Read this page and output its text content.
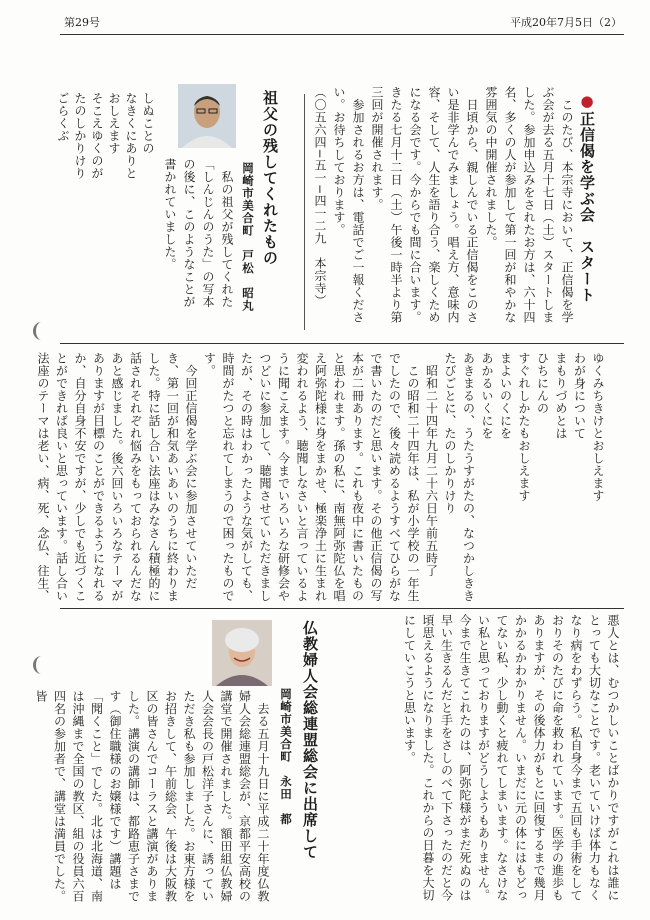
第29号	平成20年7月5日（2）
●正信偈を学ぶ会　スタート
　このたび、本宗寺において、正信偈を学ぶ会が去る五月十七日（土）スタートしました。参加申込みをされたお方は、六十四名、多くの人が参加して第一回が和やかな雰囲気の中開催されました。
　日頃から、親しんでいる正信偈をこのさい是非学んでみましょう。唱え方、意味内容、そして、人生を語り合う、楽しくためになる会です。今からでも間に合います。きたる七月十二日（土）午後一時半より第三回が開催されます。
　参加されるお方は、電話でご一報ください。お待ちしております。
（〇五六四−五一−四一二九　本宗寺）
祖父の残してくれたもの
岡崎市美合町　戸松　昭丸
　私の祖父が残してくれた「しんじんのうた」の写本の後に、このようなことが書かれていました。
しぬことの
なきくにありと
おしえます
そこえゆくのが
たのしかりけり
ごらくぶ
ゆくみちきけとおしえます
わが身について
まもりづめとは
ひちにんの
すぐれしかたもおしえます
まよいのくにを
あかるいくにを
あきまるの、うたうすがたの、なつかしききたびごとに、たのしかりけり
　昭和二十四年九月二十六日午前五時了
　この昭和二十四年は、私が小学校の一年生でしたので、後々読めるようすべてひらがなで書いたのだと思います。その他正信偈の写本が二冊あります。これも夜中に書いたものと思われます。孫の私に、南無阿弥陀仏を唱え阿弥陀様に身をまかせ、極楽浄土に生まれ変われるよう、聴聞しなさいと言っているように聞こえます。今までいろいろな研修会やつどいに参加して、聴聞させていただきましたが、その時はわかったような気がしても、時間がたつと忘れてしまうので困ったものです。
　今回正信偈を学ぶ会に参加させていただき、第一回が和気あいあいのうちに終わりました。特に話し合い法座はみなさん積極的に話されそれぞれ悩みをもっておられるんだなあと感じました。後六回いろいろなテーマがありますが目標のことができるようになれるか、自分自身不安ですが、少しでも近づくことができれば良いと思っています。話し合い法座のテーマは老い、病、死、念仏、往生、
悪人とは、むつかしいことばかりですがこれは誰にとっても大切なことです。老いていけば体力もなくなり病をわずらう。私自身今まで五回も手術をしておりそのたびに命を救われています。医学の進歩もありますが、その後体力がもとに回復するまで幾月かかるかわかりません。いまだに元の体にはもどってない私、少し動くと疲れてしまいます。なさけない私と思っておりますがどうしようもありません。今まで生きてこれたのは、阿弥陀様がまだ死ぬのは早い生きるんだと手をさしのべて下さったのだと今頃思えるようになりました。これからの日暮を大切にしていこうと思います。
仏教婦人会総連盟総会に出席して
岡崎市美合町　永田　都
　去る五月十九日に平成二十年度仏教婦人会総連盟総会が、京都平安高校の講堂で開催されました。額田組仏教婦人会会長の戸松洋子さんに、誘っていただき私も参加しました。お東方様をお招きして、午前総会、午後は大阪教区の皆さんでコーラスと講演がありました。講演の講師は、都路恵子さまです（御住職様のお嬢様です）講題は「聞くこと」でした。北は北海道、南は沖縄まで全国の教区、組の役員六百四名の参加者で、講堂は満員でした。皆
